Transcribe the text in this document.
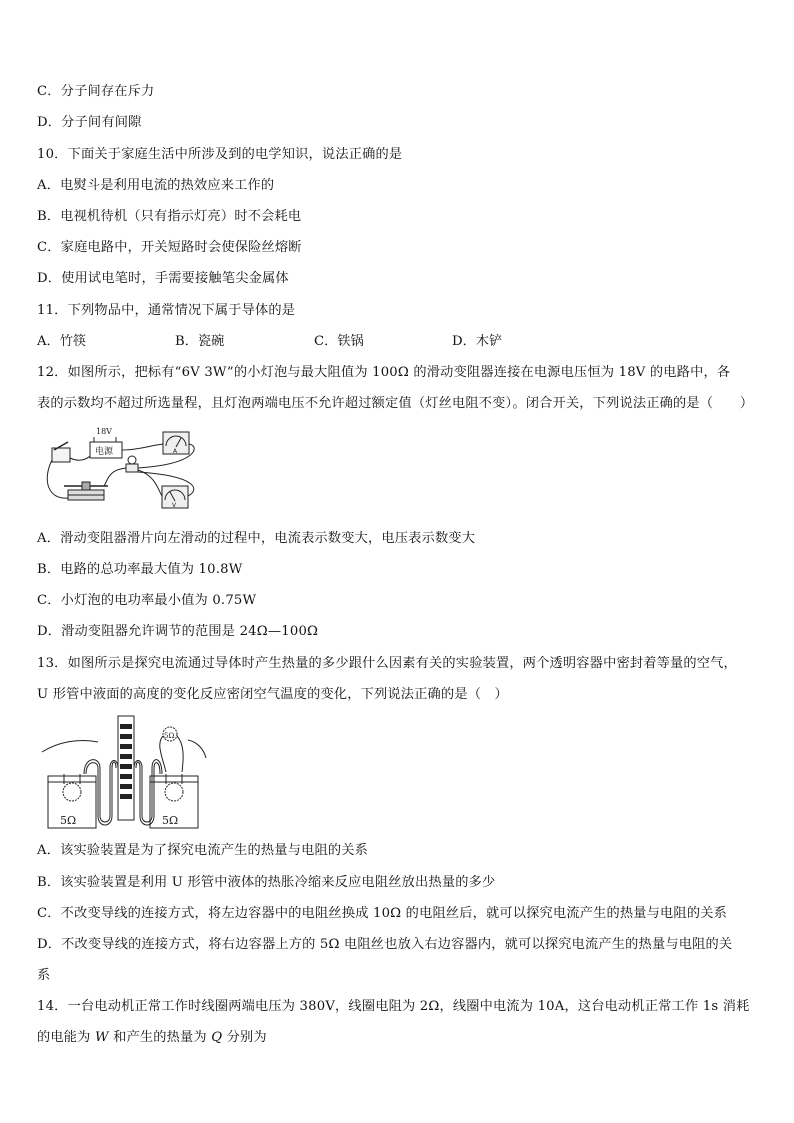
C．分子间存在斥力
D．分子间有间隙
10．下面关于家庭生活中所涉及到的电学知识，说法正确的是
A．电熨斗是利用电流的热效应来工作的
B．电视机待机（只有指示灯亮）时不会耗电
C．家庭电路中，开关短路时会使保险丝熔断
D．使用试电笔时，手需要接触笔尖金属体
11．下列物品中，通常情况下属于导体的是
A．竹筷	B．瓷碗	C．铁锅	D．木铲
12．如图所示，把标有“6V 3W”的小灯泡与最大阻值为 100Ω 的滑动变阻器连接在电源电压恒为 18V 的电路中，各
表的示数均不超过所选量程，且灯泡两端电压不允许超过额定值（灯丝电阻不变）。闭合开关，下列说法正确的是（　　）
18V
电源	A
V
A．滑动变阻器滑片向左滑动的过程中，电流表示数变大，电压表示数变大
B．电路的总功率最大值为 10.8W
C．小灯泡的电功率最小值为 0.75W
D．滑动变阻器允许调节的范围是 24Ω—100Ω
13．如图所示是探究电流通过导体时产生热量的多少跟什么因素有关的实验装置，两个透明容器中密封着等量的空气，
U 形管中液面的高度的变化反应密闭空气温度的变化，下列说法正确的是（　）
5Ω	5Ω
5Ω
A．该实验装置是为了探究电流产生的热量与电阻的关系
B．该实验装置是利用 U 形管中液体的热胀冷缩来反应电阻丝放出热量的多少
C．不改变导线的连接方式，将左边容器中的电阻丝换成 10Ω 的电阻丝后，就可以探究电流产生的热量与电阻的关系
D．不改变导线的连接方式，将右边容器上方的 5Ω 电阻丝也放入右边容器内，就可以探究电流产生的热量与电阻的关
系
14．一台电动机正常工作时线圈两端电压为 380V，线圈电阻为 2Ω，线圈中电流为 10A，这台电动机正常工作 1s 消耗
的电能为 W 和产生的热量为 Q 分别为
